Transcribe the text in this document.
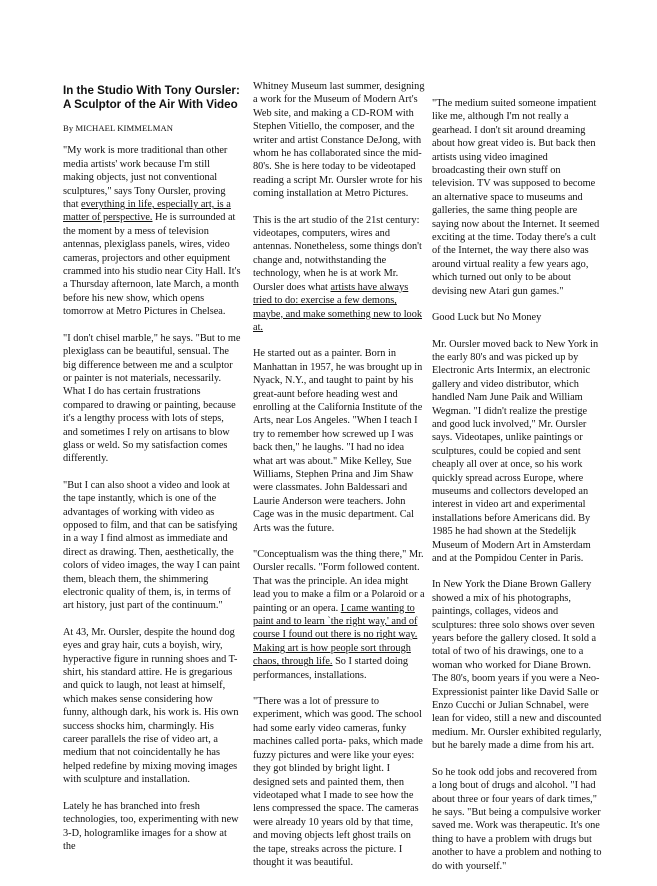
In the Studio With Tony Oursler:
A Sculptor of the Air With Video
By MICHAEL KIMMELMAN

"My work is more traditional than other media artists' work because I'm still making objects, just not conventional sculptures," says Tony Oursler, proving that everything in life, especially art, is a matter of perspective. He is surrounded at the moment by a mess of television antennas, plexiglass panels, wires, video cameras, projectors and other equipment crammed into his studio near City Hall. It's a Thursday afternoon, late March, a month before his new show, which opens tomorrow at Metro Pictures in Chelsea.

"I don't chisel marble," he says. "But to me plexiglass can be beautiful, sensual. The big difference between me and a sculptor or painter is not materials, necessarily. What I do has certain frustrations compared to drawing or painting, because it's a lengthy process with lots of steps, and sometimes I rely on artisans to blow glass or weld. So my satisfaction comes differently.

"But I can also shoot a video and look at the tape instantly, which is one of the advantages of working with video as opposed to film, and that can be satisfying in a way I find almost as immediate and direct as drawing. Then, aesthetically, the colors of video images, the way I can paint them, bleach them, the shimmering electronic quality of them, is, in terms of art history, just part of the continuum."

At 43, Mr. Oursler, despite the hound dog eyes and gray hair, cuts a boyish, wiry, hyperactive figure in running shoes and T-shirt, his standard attire. He is gregarious and quick to laugh, not least at himself, which makes sense considering how funny, although dark, his work is. His own success shocks him, charmingly. His career parallels the rise of video art, a medium that not coincidentally he has helped redefine by mixing moving images with sculpture and installation.

Lately he has branched into fresh technologies, too, experimenting with new 3-D, hologramlike images for a show at the

Whitney Museum last summer, designing a work for the Museum of Modern Art's Web site, and making a CD-ROM with Stephen Vitiello, the composer, and the writer and artist Constance DeJong, with whom he has collaborated since the mid-80's. She is here today to be videotaped reading a script Mr. Oursler wrote for his coming installation at Metro Pictures.

This is the art studio of the 21st century: videotapes, computers, wires and antennas. Nonetheless, some things don't change and, notwithstanding the technology, when he is at work Mr. Oursler does what artists have always tried to do: exercise a few demons, maybe, and make something new to look at.

He started out as a painter. Born in Manhattan in 1957, he was brought up in Nyack, N.Y., and taught to paint by his great-aunt before heading west and enrolling at the California Institute of the Arts, near Los Angeles. "When I teach I try to remember how screwed up I was back then," he laughs. "I had no idea what art was about." Mike Kelley, Sue Williams, Stephen Prina and Jim Shaw were classmates. John Baldessari and Laurie Anderson were teachers. John Cage was in the music department. Cal Arts was the future.

"Conceptualism was the thing there," Mr. Oursler recalls. "Form followed content. That was the principle. An idea might lead you to make a film or a Polaroid or a painting or an opera. I came wanting to paint and to learn `the right way,' and of course I found out there is no right way. Making art is how people sort through chaos, through life. So I started doing performances, installations.

"There was a lot of pressure to experiment, which was good. The school had some early video cameras, funky machines called porta- paks, which made fuzzy pictures and were like your eyes: they got blinded by bright light. I designed sets and painted them, then videotaped what I made to see how the lens compressed the space. The cameras were already 10 years old by that time, and moving objects left ghost trails on the tape, streaks across the picture. I thought it was beautiful.

"The medium suited someone impatient like me, although I'm not really a gearhead. I don't sit around dreaming about how great video is. But back then artists using video imagined broadcasting their own stuff on television. TV was supposed to become an alternative space to museums and galleries, the same thing people are saying now about the Internet. It seemed exciting at the time. Today there's a cult of the Internet, the way there also was around virtual reality a few years ago, which turned out only to be about devising new Atari gun games."

Good Luck but No Money

Mr. Oursler moved back to New York in the early 80's and was picked up by Electronic Arts Intermix, an electronic gallery and video distributor, which handled Nam June Paik and William Wegman. "I didn't realize the prestige and good luck involved," Mr. Oursler says. Videotapes, unlike paintings or sculptures, could be copied and sent cheaply all over at once, so his work quickly spread across Europe, where museums and collectors developed an interest in video art and experimental installations before Americans did. By 1985 he had shown at the Stedelijk Museum of Modern Art in Amsterdam and at the Pompidou Center in Paris.

In New York the Diane Brown Gallery showed a mix of his photographs, paintings, collages, videos and sculptures: three solo shows over seven years before the gallery closed. It sold a total of two of his drawings, one to a woman who worked for Diane Brown. The 80's, boom years if you were a Neo-Expressionist painter like David Salle or Enzo Cucchi or Julian Schnabel, were lean for video, still a new and discounted medium. Mr. Oursler exhibited regularly, but he barely made a dime from his art.

So he took odd jobs and recovered from a long bout of drugs and alcohol. "I had about three or four years of dark times," he says. "But being a compulsive worker saved me. Work was therapeutic. It's one thing to have a problem with drugs but another to have a problem and nothing to do with yourself."
